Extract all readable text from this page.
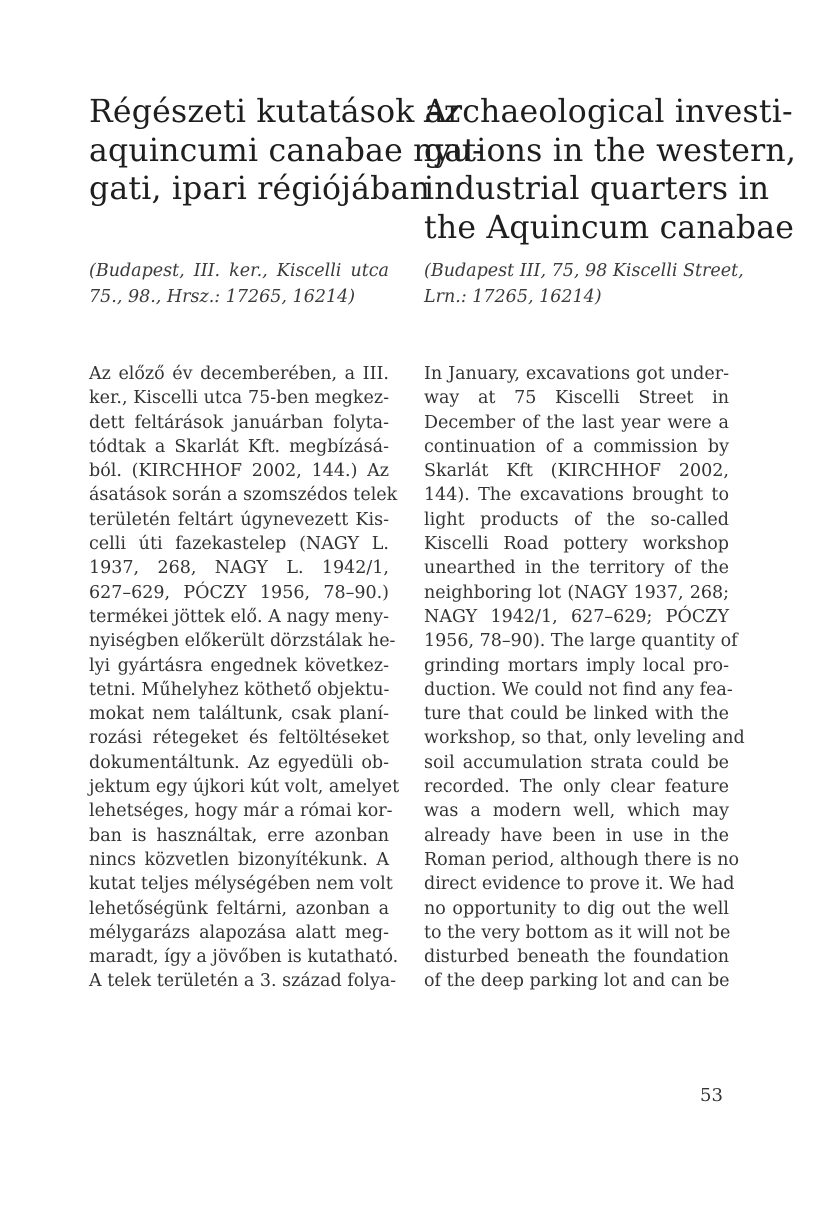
Régészeti kutatások az
aquincumi canabae nyu-
gati, ipari régiójában

(Budapest, III. ker., Kiscelli utca
75., 98., Hrsz.: 17265, 16214)

Az előző év decemberében, a III.
ker., Kiscelli utca 75-ben megkez-
dett feltárások januárban folyta-
tódtak a Skarlát Kft. megbízásá-
ból. (KIRCHHOF 2002, 144.) Az
ásatások során a szomszédos telek
területén feltárt úgynevezett Kis-
celli úti fazekastelep (NAGY L.
1937, 268, NAGY L. 1942/1,
627–629, PÓCZY 1956, 78–90.)
termékei jöttek elő. A nagy meny-
nyiségben előkerült dörzstálak he-
lyi gyártásra engednek következ-
tetni. Műhelyhez köthető objektu-
mokat nem találtunk, csak planí-
rozási rétegeket és feltöltéseket
dokumentáltunk. Az egyedüli ob-
jektum egy újkori kút volt, amelyet
lehetséges, hogy már a római kor-
ban is használtak, erre azonban
nincs közvetlen bizonyítékunk. A
kutat teljes mélységében nem volt
lehetőségünk feltárni, azonban a
mélygarázs alapozása alatt meg-
maradt, így a jövőben is kutatható.
A telek területén a 3. század folya-
Archaeological investi-
gations in the western,
industrial quarters in
the Aquincum canabae

(Budapest III, 75, 98 Kiscelli Street,
Lrn.: 17265, 16214)

In January, excavations got under-
way at 75 Kiscelli Street in
December of the last year were a
continuation of a commission by
Skarlát Kft (KIRCHHOF 2002,
144). The excavations brought to
light products of the so-called
Kiscelli Road pottery workshop
unearthed in the territory of the
neighboring lot (NAGY 1937, 268;
NAGY 1942/1, 627–629; PÓCZY
1956, 78–90). The large quantity of
grinding mortars imply local pro-
duction. We could not find any fea-
ture that could be linked with the
workshop, so that, only leveling and
soil accumulation strata could be
recorded. The only clear feature
was a modern well, which may
already have been in use in the
Roman period, although there is no
direct evidence to prove it. We had
no opportunity to dig out the well
to the very bottom as it will not be
disturbed beneath the foundation
of the deep parking lot and can be
53
